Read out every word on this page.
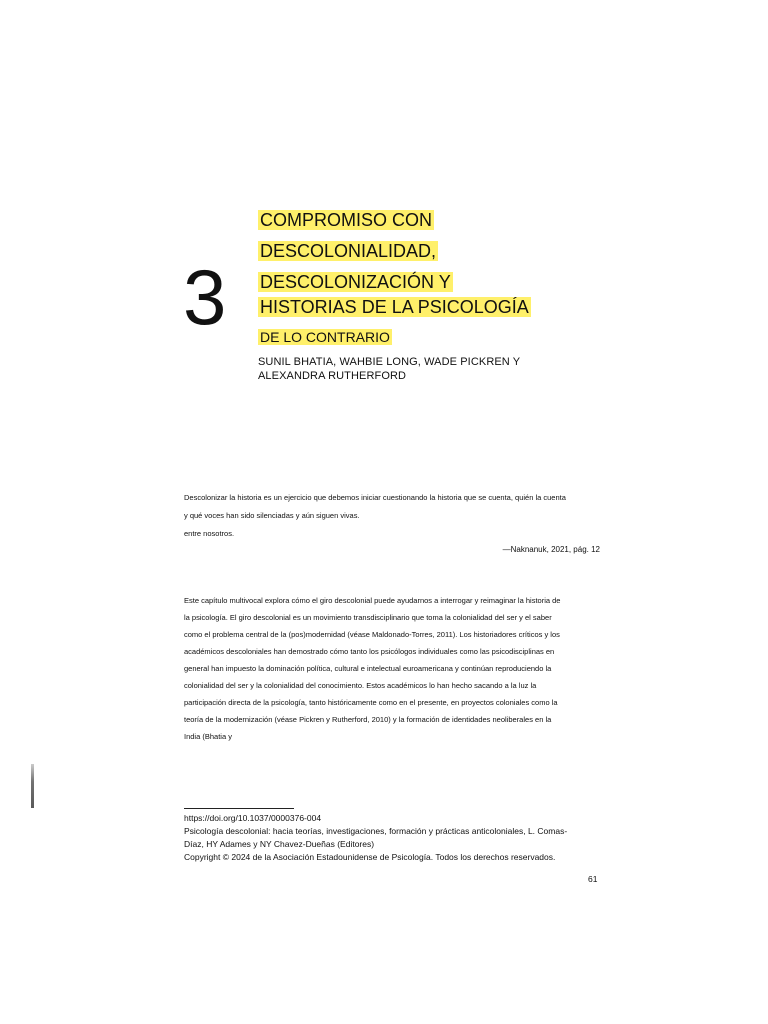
3
COMPROMISO CON
DESCOLONIALIDAD,
DESCOLONIZACIÓN Y
HISTORIAS DE LA PSICOLOGÍA
DE LO CONTRARIO
SUNIL BHATIA, WAHBIE LONG, WADE PICKREN Y
ALEXANDRA RUTHERFORD
Descolonizar la historia es un ejercicio que debemos iniciar cuestionando la historia que se cuenta, quién la cuenta
y qué voces han sido silenciadas y aún siguen vivas.
entre nosotros.
—Naknanuk, 2021, pág. 12
Este capítulo multivocal explora cómo el giro descolonial puede ayudarnos a interrogar y reimaginar la historia de
la psicología. El giro descolonial es un movimiento transdisciplinario que toma la colonialidad del ser y el saber
como el problema central de la (pos)modernidad (véase Maldonado-Torres, 2011). Los historiadores críticos y los
académicos descoloniales han demostrado cómo tanto los psicólogos individuales como las psicodisciplinas en
general han impuesto la dominación política, cultural e intelectual euroamericana y continúan reproduciendo la
colonialidad del ser y la colonialidad del conocimiento. Estos académicos lo han hecho sacando a la luz la
participación directa de la psicología, tanto históricamente como en el presente, en proyectos coloniales como la
teoría de la modernización (véase Pickren y Rutherford, 2010) y la formación de identidades neoliberales en la
India (Bhatia y
https://doi.org/10.1037/0000376-004
Psicología descolonial: hacia teorías, investigaciones, formación y prácticas anticoloniales, L. Comas-
Díaz, HY Adames y NY Chavez-Dueñas (Editores)
Copyright © 2024 de la Asociación Estadounidense de Psicología. Todos los derechos reservados.
61
